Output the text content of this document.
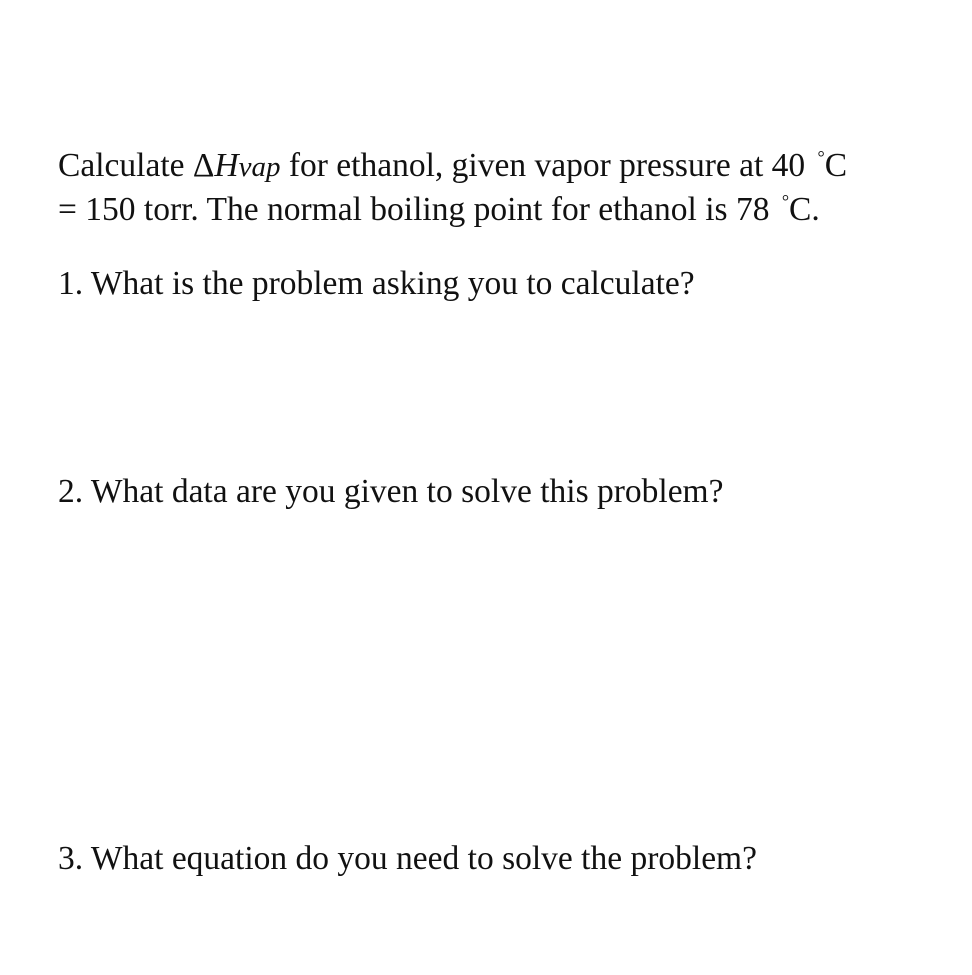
Calculate ΔHvap for ethanol, given vapor pressure at 40 °C

= 150 torr. The normal boiling point for ethanol is 78 °C.

1. What is the problem asking you to calculate?

2. What data are you given to solve this problem?

3. What equation do you need to solve the problem?
